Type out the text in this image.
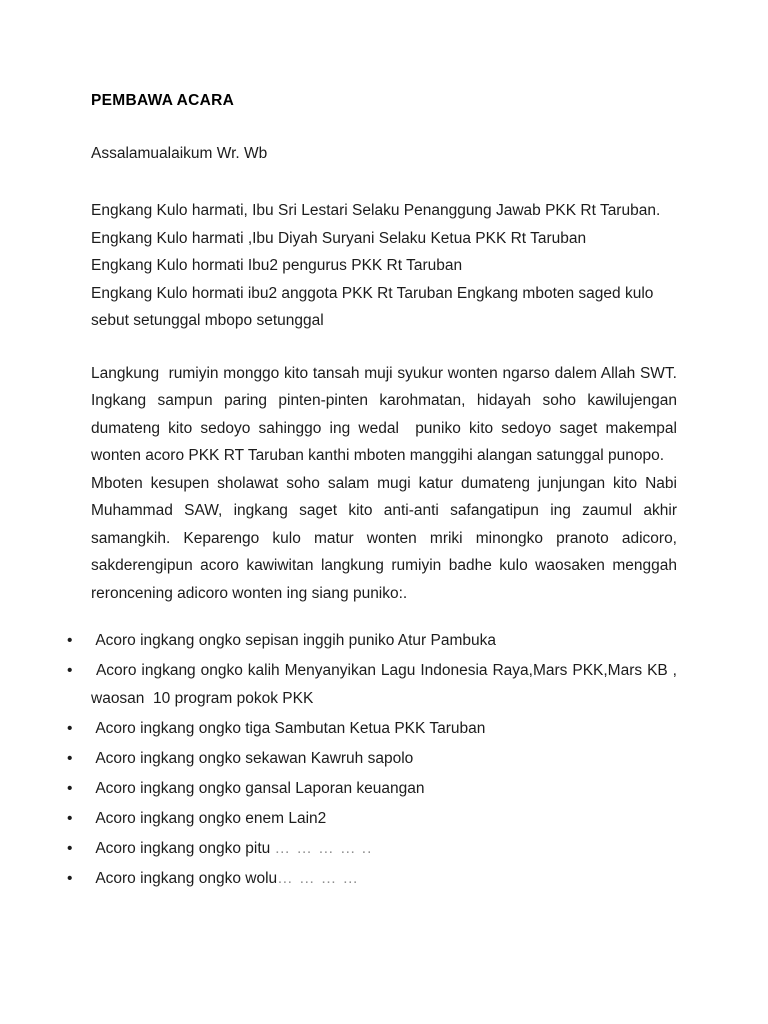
PEMBAWA ACARA

Assalamualaikum Wr. Wb

Engkang Kulo harmati, Ibu Sri Lestari Selaku Penanggung Jawab PKK Rt Taruban.

Engkang Kulo harmati ,Ibu Diyah Suryani Selaku Ketua PKK Rt Taruban

Engkang Kulo hormati Ibu2 pengurus PKK Rt Taruban

Engkang Kulo hormati ibu2 anggota PKK Rt Taruban Engkang mboten saged kulo sebut setunggal mbopo setunggal

Langkung  rumiyin monggo kito tansah muji syukur wonten ngarso dalem Allah SWT. Ingkang sampun paring pinten-pinten karohmatan, hidayah soho kawilujengan dumateng kito sedoyo sahinggo ing wedal  puniko kito sedoyo saget makempal wonten acoro PKK RT Taruban kanthi mboten manggihi alangan satunggal punopo.

Mboten kesupen sholawat soho salam mugi katur dumateng junjungan kito Nabi Muhammad SAW, ingkang saget kito anti-anti safangatipun ing zaumul akhir samangkih. Keparengo kulo matur wonten mriki minongko pranoto adicoro, sakderengipun acoro kawiwitan langkung rumiyin badhe kulo waosaken menggah reroncening adicoro wonten ing siang puniko:.

•  Acoro ingkang ongko sepisan inggih puniko Atur Pambuka
•  Acoro ingkang ongko kalih Menyanyikan Lagu Indonesia Raya,Mars PKK,Mars KB , waosan  10 program pokok PKK
•  Acoro ingkang ongko tiga Sambutan Ketua PKK Taruban
•  Acoro ingkang ongko sekawan Kawruh sapolo
•  Acoro ingkang ongko gansal Laporan keuangan
•  Acoro ingkang ongko enem Lain2
•  Acoro ingkang ongko pitu … … … … ..
•  Acoro ingkang ongko wolu… … … …
